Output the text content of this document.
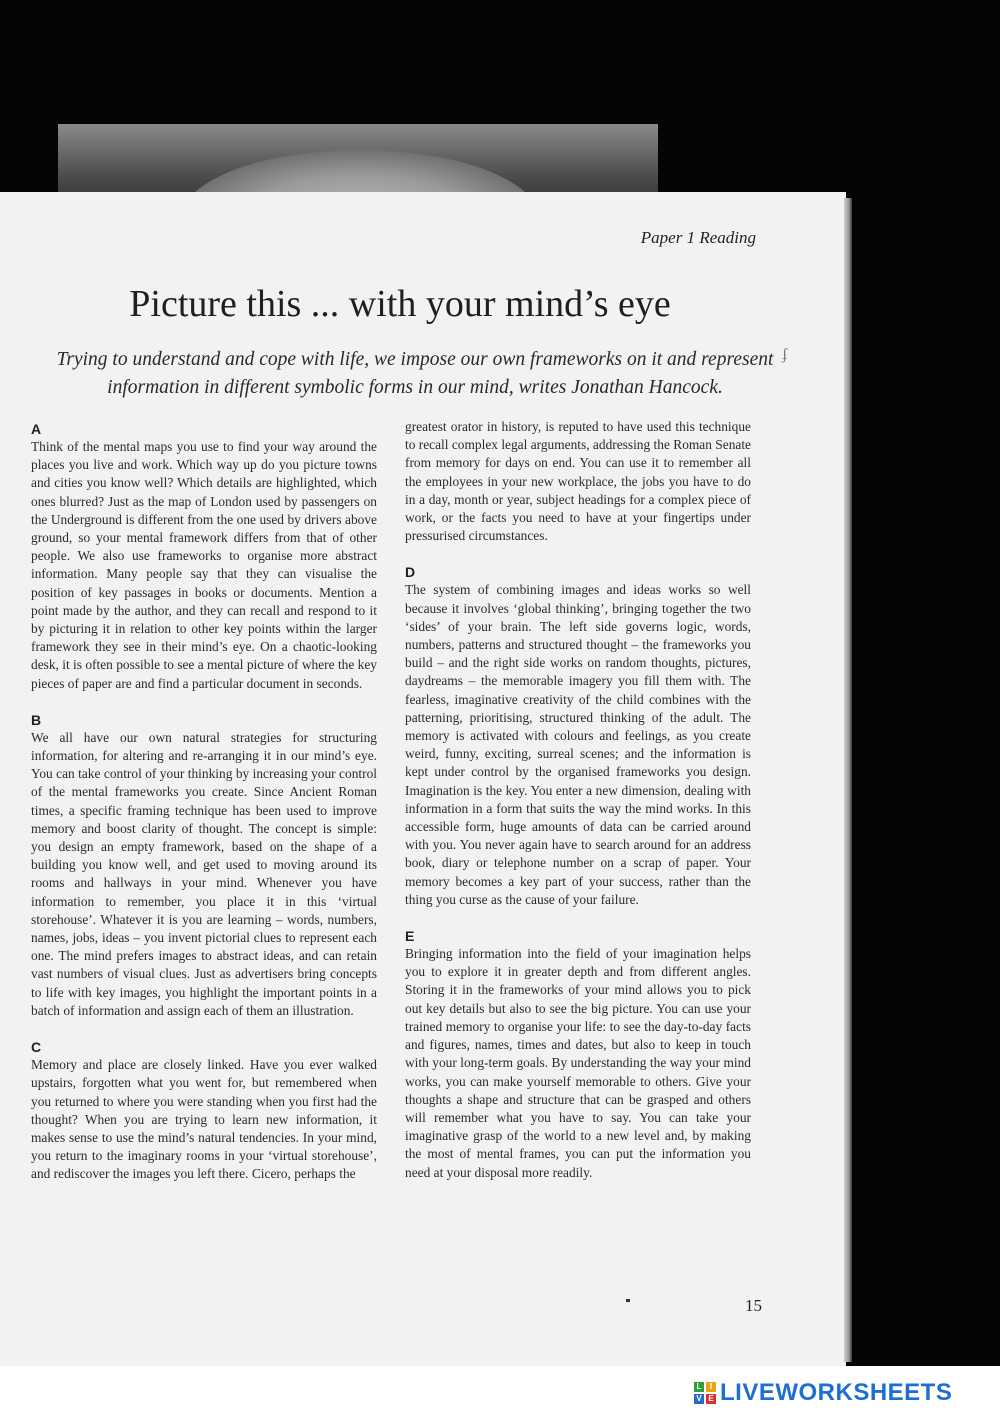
Paper 1 Reading
Picture this ... with your mind’s eye
Trying to understand and cope with life, we impose our own frameworks on it and represent information in different symbolic forms in our mind, writes Jonathan Hancock.
ʄ
A

Think of the mental maps you use to find your way around the places you live and work. Which way up do you picture towns and cities you know well? Which details are highlighted, which ones blurred? Just as the map of London used by passengers on the Underground is different from the one used by drivers above ground, so your mental framework differs from that of other people. We also use frameworks to organise more abstract information. Many people say that they can visualise the position of key passages in books or documents. Mention a point made by the author, and they can recall and respond to it by picturing it in relation to other key points within the larger framework they see in their mind’s eye. On a chaotic-looking desk, it is often possible to see a mental picture of where the key pieces of paper are and find a particular document in seconds.

B

We all have our own natural strategies for structuring information, for altering and re-arranging it in our mind’s eye. You can take control of your thinking by increasing your control of the mental frameworks you create. Since Ancient Roman times, a specific framing technique has been used to improve memory and boost clarity of thought. The concept is simple: you design an empty framework, based on the shape of a building you know well, and get used to moving around its rooms and hallways in your mind. Whenever you have information to remember, you place it in this ‘virtual storehouse’. Whatever it is you are learning – words, numbers, names, jobs, ideas – you invent pictorial clues to represent each one. The mind prefers images to abstract ideas, and can retain vast numbers of visual clues. Just as advertisers bring concepts to life with key images, you highlight the important points in a batch of information and assign each of them an illustration.

C

Memory and place are closely linked. Have you ever walked upstairs, forgotten what you went for, but remembered when you returned to where you were standing when you first had the thought? When you are trying to learn new information, it makes sense to use the mind’s natural tendencies. In your mind, you return to the imaginary rooms in your ‘virtual storehouse’, and rediscover the images you left there. Cicero, perhaps the

greatest orator in history, is reputed to have used this technique to recall complex legal arguments, addressing the Roman Senate from memory for days on end. You can use it to remember all the employees in your new workplace, the jobs you have to do in a day, month or year, subject headings for a complex piece of work, or the facts you need to have at your fingertips under pressurised circumstances.

D

The system of combining images and ideas works so well because it involves ‘global thinking’, bringing together the two ‘sides’ of your brain. The left side governs logic, words, numbers, patterns and structured thought – the frameworks you build – and the right side works on random thoughts, pictures, daydreams – the memorable imagery you fill them with. The fearless, imaginative creativity of the child combines with the patterning, prioritising, structured thinking of the adult. The memory is activated with colours and feelings, as you create weird, funny, exciting, surreal scenes; and the information is kept under control by the organised frameworks you design. Imagination is the key. You enter a new dimension, dealing with information in a form that suits the way the mind works. In this accessible form, huge amounts of data can be carried around with you. You never again have to search around for an address book, diary or telephone number on a scrap of paper. Your memory becomes a key part of your success, rather than the thing you curse as the cause of your failure.

E

Bringing information into the field of your imagination helps you to explore it in greater depth and from different angles. Storing it in the frameworks of your mind allows you to pick out key details but also to see the big picture. You can use your trained memory to organise your life: to see the day-to-day facts and figures, names, times and dates, but also to keep in touch with your long-term goals. By understanding the way your mind works, you can make yourself memorable to others. Give your thoughts a shape and structure that can be grasped and others will remember what you have to say. You can take your imaginative grasp of the world to a new level and, by making the most of mental frames, you can put the information you need at your disposal more readily.

15
L	I
V E LIVEWORKSHEETS
